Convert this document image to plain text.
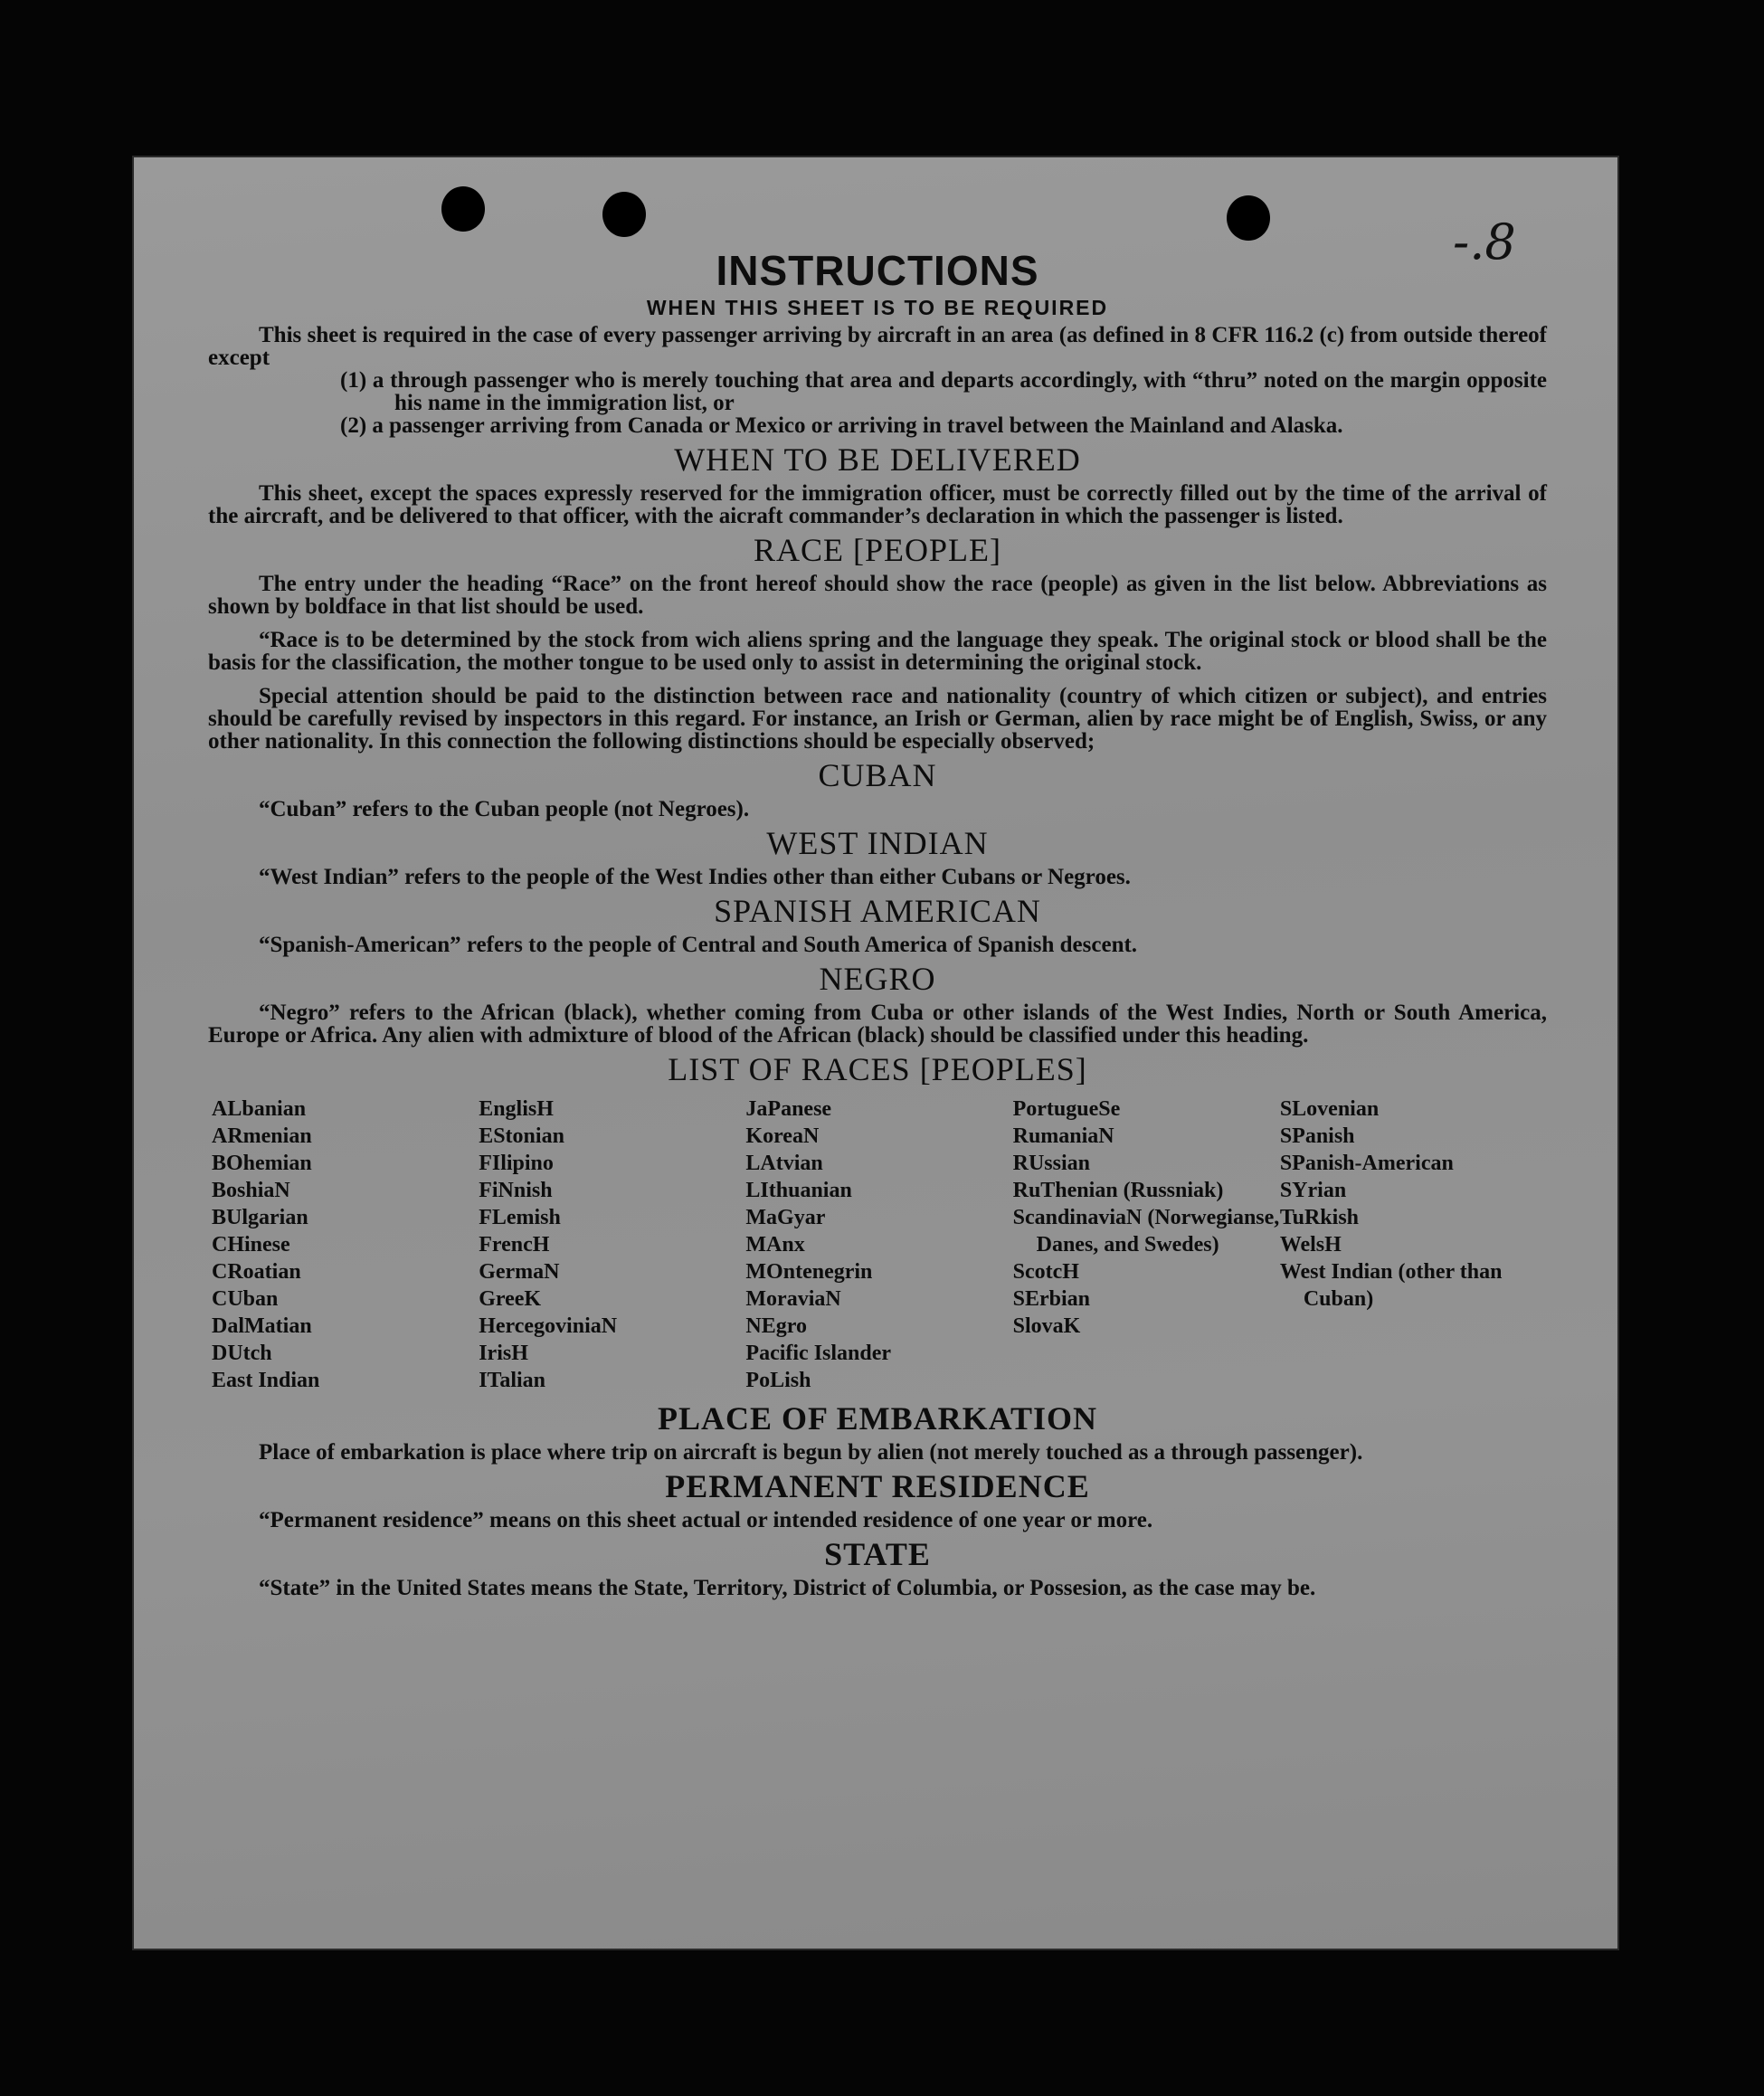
-.8
INSTRUCTIONS
WHEN THIS SHEET IS TO BE REQUIRED

This sheet is required in the case of every passenger arriving by aircraft in an area (as defined in 8 CFR 116.2 (c) from outside thereof except

(1) a through passenger who is merely touching that area and departs accordingly, with “thru” noted on the margin opposite his name in the immigration list, or

(2) a passenger arriving from Canada or Mexico or arriving in travel between the Mainland and Alaska.

WHEN TO BE DELIVERED

This sheet, except the spaces expressly reserved for the immigration officer, must be correctly filled out by the time of the arrival of the aircraft, and be delivered to that officer, with the aicraft commander’s declaration in which the passenger is listed.

RACE [PEOPLE]

The entry under the heading “Race” on the front hereof should show the race (people) as given in the list below. Abbreviations as shown by boldface in that list should be used.

“Race is to be determined by the stock from wich aliens spring and the language they speak. The original stock or blood shall be the basis for the classification, the mother tongue to be used only to assist in determining the original stock.

Special attention should be paid to the distinction between race and nationality (country of which citizen or subject), and entries should be carefully revised by inspectors in this regard. For instance, an Irish or German, alien by race might be of English, Swiss, or any other nationality. In this connection the following distinctions should be especially observed;

CUBAN

“Cuban” refers to the Cuban people (not Negroes).

WEST INDIAN

“West Indian” refers to the people of the West Indies other than either Cubans or Negroes.

SPANISH AMERICAN

“Spanish-American” refers to the people of Central and South America of Spanish descent.

NEGRO

“Negro” refers to the African (black), whether coming from Cuba or other islands of the West Indies, North or South America, Europe or Africa. Any alien with admixture of blood of the African (black) should be classified under this heading.

LIST OF RACES [PEOPLES]
ALbanian
ARmenian
BOhemian
BoshiaN
BUlgarian
CHinese
CRoatian
CUban
DalMatian
DUtch
East Indian
EnglisH
EStonian
FIlipino
FiNnish
FLemish
FrencH
GermaN
GreeK
HercegoviniaN
IrisH
ITalian
JaPanese
KoreaN
LAtvian
LIthuanian
MaGyar
MAnx
MOntenegrin
MoraviaN
NEgro
Pacific Islander
PoLish
PortugueSe
RumaniaN
RUssian
RuThenian (Russniak)
ScandinaviaN (Norwegianse, Danes, and Swedes)
ScotcH
SErbian
SlovaK
SLovenian
SPanish
SPanish-American
SYrian
TuRkish
WelsH
West Indian (other than Cuban)
PLACE OF EMBARKATION

Place of embarkation is place where trip on aircraft is begun by alien (not merely touched as a through passenger).

PERMANENT RESIDENCE

“Permanent residence” means on this sheet actual or intended residence of one year or more.

STATE

“State” in the United States means the State, Territory, District of Columbia, or Possesion, as the case may be.
